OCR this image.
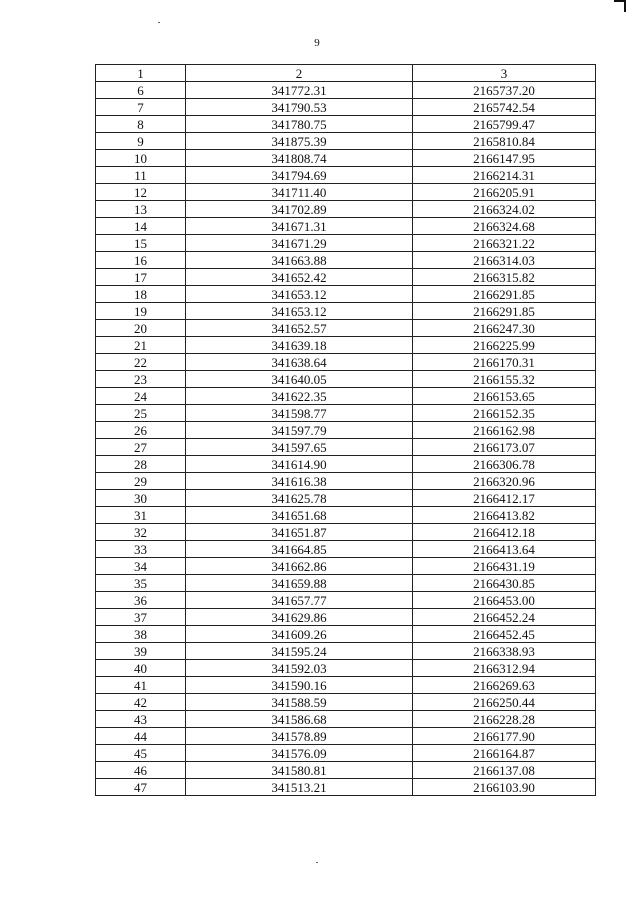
9
1	2	3
6	341772.31	2165737.20
7	341790.53	2165742.54
8	341780.75	2165799.47
9	341875.39	2165810.84
10	341808.74	2166147.95
11	341794.69	2166214.31
12	341711.40	2166205.91
13	341702.89	2166324.02
14	341671.31	2166324.68
15	341671.29	2166321.22
16	341663.88	2166314.03
17	341652.42	2166315.82
18	341653.12	2166291.85
19	341653.12	2166291.85
20	341652.57	2166247.30
21	341639.18	2166225.99
22	341638.64	2166170.31
23	341640.05	2166155.32
24	341622.35	2166153.65
25	341598.77	2166152.35
26	341597.79	2166162.98
27	341597.65	2166173.07
28	341614.90	2166306.78
29	341616.38	2166320.96
30	341625.78	2166412.17
31	341651.68	2166413.82
32	341651.87	2166412.18
33	341664.85	2166413.64
34	341662.86	2166431.19
35	341659.88	2166430.85
36	341657.77	2166453.00
37	341629.86	2166452.24
38	341609.26	2166452.45
39	341595.24	2166338.93
40	341592.03	2166312.94
41	341590.16	2166269.63
42	341588.59	2166250.44
43	341586.68	2166228.28
44	341578.89	2166177.90
45	341576.09	2166164.87
46	341580.81	2166137.08
47	341513.21	2166103.90
